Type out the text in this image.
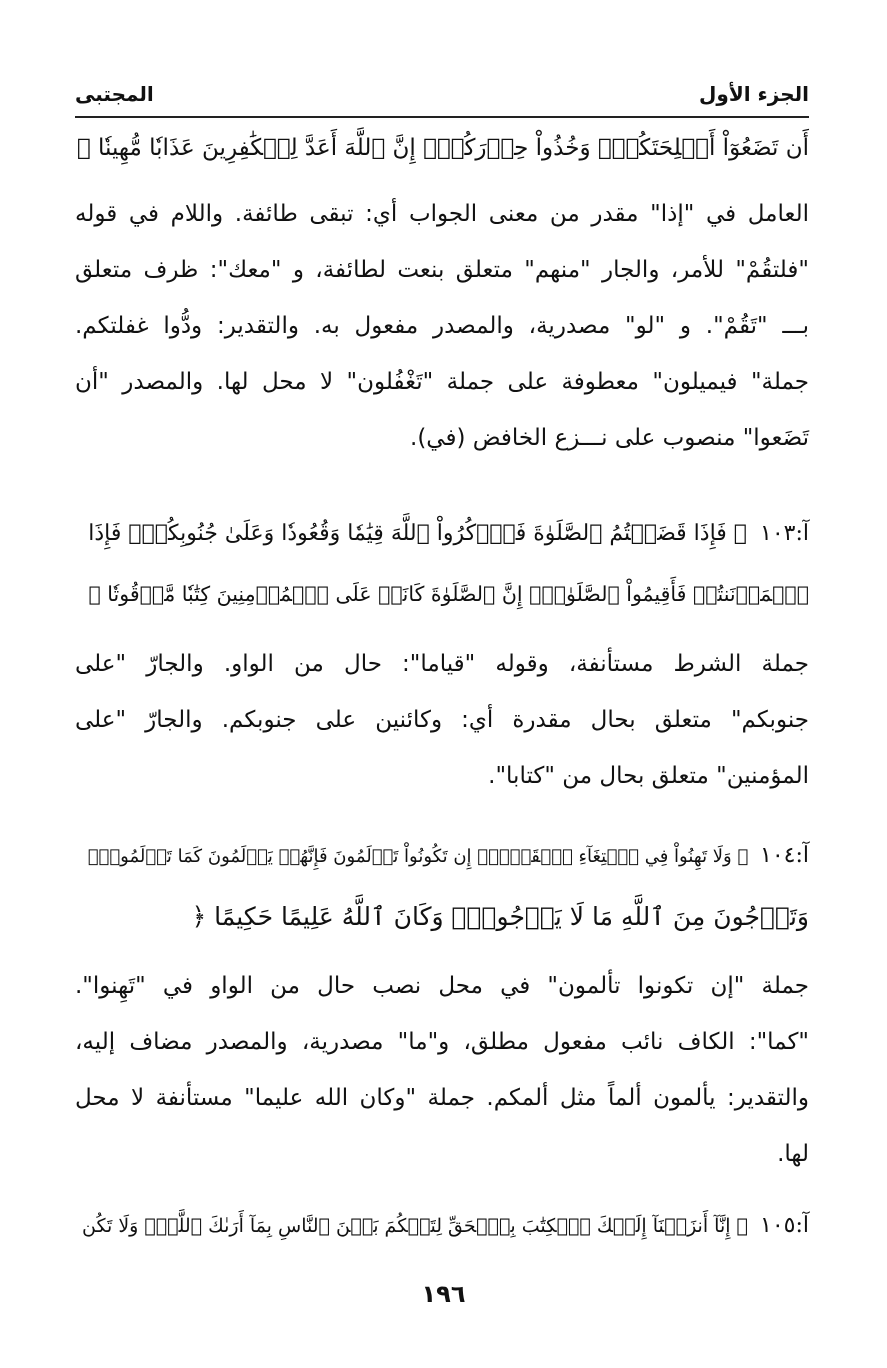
الجزء الأول
المجتبى
أَن تَضَعُوٓاْ أَسۡلِحَتَكُمۡۖ وَخُذُواْ حِذۡرَكُمۡۗ إِنَّ ٱللَّهَ أَعَدَّ لِلۡكَٰفِرِينَ عَذَابٗا مُّهِينٗا ﴿
العامل في "إذا" مقدر من معنى الجواب أي: تبقى طائفة. واللام في قوله
"فلتقُمْ" للأمر، والجار "منهم" متعلق بنعت لطائفة، و "معك": ظرف متعلق
بـــ "تَقُمْ". و "لو" مصدرية، والمصدر مفعول به. والتقدير: ودُّوا غفلتكم.
جملة" فيميلون" معطوفة على جملة "تَغْفُلون" لا محل لها. والمصدر "أن
تَضَعوا" منصوب على نـــزع الخافض (في).
آ:١٠٣ ﴿ فَإِذَا قَضَيۡتُمُ ٱلصَّلَوٰةَ فَٱذۡكُرُواْ ٱللَّهَ قِيَٰمٗا وَقُعُودٗا وَعَلَىٰ جُنُوبِكُمۡۚ فَإِذَا
ٱطۡمَأۡنَنتُمۡ فَأَقِيمُواْ ٱلصَّلَوٰةَۚ إِنَّ ٱلصَّلَوٰةَ كَانَتۡ عَلَى ٱلۡمُؤۡمِنِينَ كِتَٰبٗا مَّوۡقُوتٗا ﴿
جملة الشرط مستأنفة، وقوله "قياما": حال من الواو. والجارّ "على
جنوبكم" متعلق بحال مقدرة أي: وكائنين على جنوبكم. والجارّ "على
المؤمنين" متعلق بحال من "كتابا".
آ:١٠٤ ﴿ وَلَا تَهِنُواْ فِي ٱبۡتِغَآءِ ٱلۡقَوۡمِۖ إِن تَكُونُواْ تَأۡلَمُونَ فَإِنَّهُمۡ يَأۡلَمُونَ كَمَا تَأۡلَمُونَۖ
وَتَرۡجُونَ مِنَ ٱللَّهِ مَا لَا يَرۡجُونَۗ وَكَانَ ٱللَّهُ عَلِيمًا حَكِيمًا ﴿
جملة "إن تكونوا تألمون" في محل نصب حال من الواو في "تَهِنوا".
"كما": الكاف نائب مفعول مطلق، و"ما" مصدرية، والمصدر مضاف إليه،
والتقدير: يألمون ألماً مثل ألمكم. جملة "وكان الله عليما" مستأنفة لا محل
لها.
آ:١٠٥ ﴿ إِنَّآ أَنزَلۡنَآ إِلَيۡكَ ٱلۡكِتَٰبَ بِٱلۡحَقِّ لِتَحۡكُمَ بَيۡنَ ٱلنَّاسِ بِمَآ أَرَىٰكَ ٱللَّهُۚ وَلَا تَكُن
١٩٦
